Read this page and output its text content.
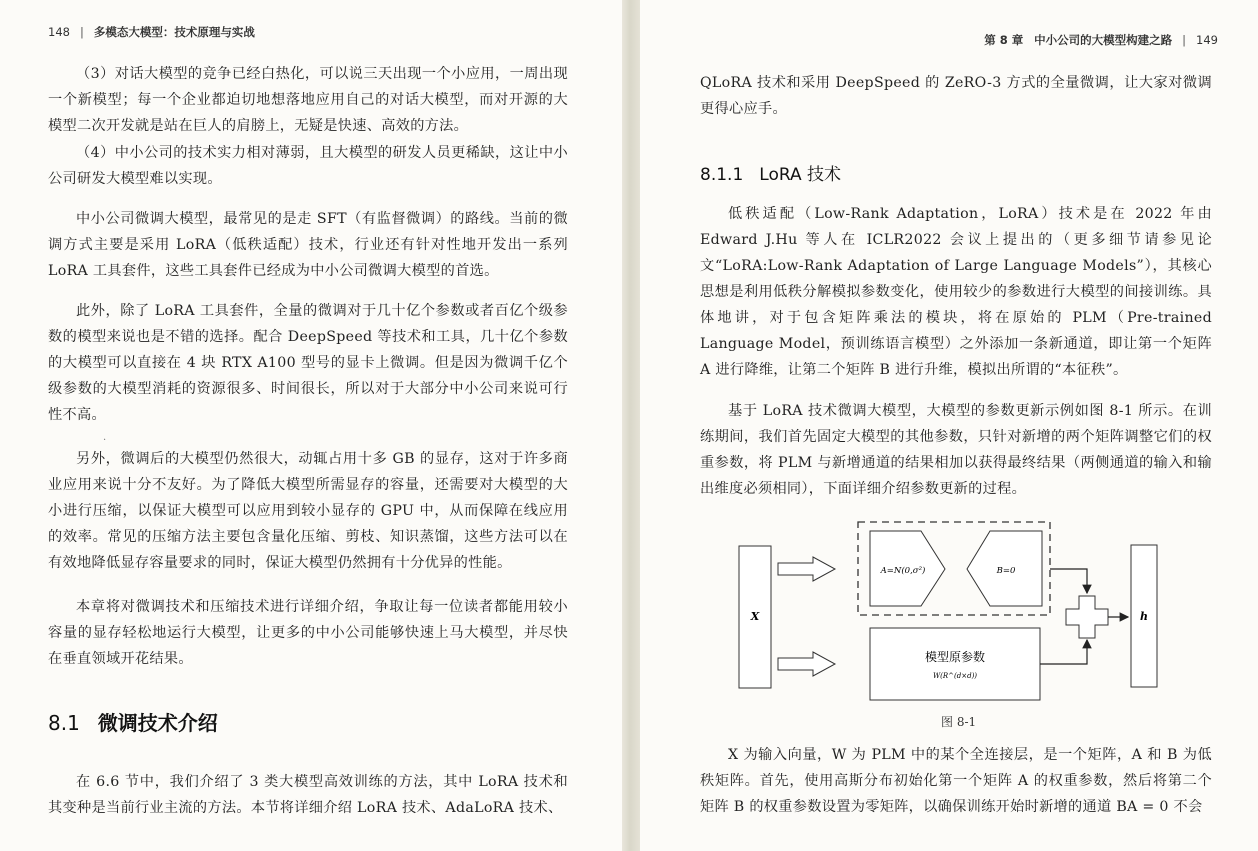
148 | 多模态大模型：技术原理与实战

（3）对话大模型的竞争已经白热化，可以说三天出现一个小应用，一周出现一个新模型；每一个企业都迫切地想落地应用自己的对话大模型，而对开源的大模型二次开发就是站在巨人的肩膀上，无疑是快速、高效的方法。

（4）中小公司的技术实力相对薄弱，且大模型的研发人员更稀缺，这让中小公司研发大模型难以实现。

中小公司微调大模型，最常见的是走 SFT（有监督微调）的路线。当前的微调方式主要是采用 LoRA（低秩适配）技术，行业还有针对性地开发出一系列 LoRA 工具套件，这些工具套件已经成为中小公司微调大模型的首选。

此外，除了 LoRA 工具套件，全量的微调对于几十亿个参数或者百亿个级参数的模型来说也是不错的选择。配合 DeepSpeed 等技术和工具，几十亿个参数的大模型可以直接在 4 块 RTX A100 型号的显卡上微调。但是因为微调千亿个级参数的大模型消耗的资源很多、时间很长，所以对于大部分中小公司来说可行性不高。

.

另外，微调后的大模型仍然很大，动辄占用十多 GB 的显存，这对于许多商业应用来说十分不友好。为了降低大模型所需显存的容量，还需要对大模型的大小进行压缩，以保证大模型可以应用到较小显存的 GPU 中，从而保障在线应用的效率。常见的压缩方法主要包含量化压缩、剪枝、知识蒸馏，这些方法可以在有效地降低显存容量要求的同时，保证大模型仍然拥有十分优异的性能。

本章将对微调技术和压缩技术进行详细介绍，争取让每一位读者都能用较小容量的显存轻松地运行大模型，让更多的中小公司能够快速上马大模型，并尽快在垂直领域开花结果。

8.1 微调技术介绍

在 6.6 节中，我们介绍了 3 类大模型高效训练的方法，其中 LoRA 技术和其变种是当前行业主流的方法。本节将详细介绍 LoRA 技术、AdaLoRA 技术、

第 8 章 中小公司的大模型构建之路 | 149

QLoRA 技术和采用 DeepSpeed 的 ZeRO-3 方式的全量微调，让大家对微调更得心应手。

8.1.1 LoRA 技术

低秩适配（Low-Rank Adaptation，LoRA）技术是在 2022 年由 Edward J.Hu 等人在 ICLR2022 会议上提出的（更多细节请参见论文“LoRA:Low-Rank Adaptation of Large Language Models”），其核心思想是利用低秩分解模拟参数变化，使用较少的参数进行大模型的间接训练。具体地讲，对于包含矩阵乘法的模块，将在原始的 PLM（Pre-trained Language Model，预训练语言模型）之外添加一条新通道，即让第一个矩阵 A 进行降维，让第二个矩阵 B 进行升维，模拟出所谓的“本征秩”。

基于 LoRA 技术微调大模型，大模型的参数更新示例如图 8-1 所示。在训练期间，我们首先固定大模型的其他参数，只针对新增的两个矩阵调整它们的权重参数，将 PLM 与新增通道的结果相加以获得最终结果（两侧通道的输入和输出维度必须相同），下面详细介绍参数更新的过程。

X
A=N(0,σ²)	B=0
模型原参数
W(R^(d×d))
h
图 8-1

X 为输入向量，W 为 PLM 中的某个全连接层，是一个矩阵，A 和 B 为低秩矩阵。首先，使用高斯分布初始化第一个矩阵 A 的权重参数，然后将第二个矩阵 B 的权重参数设置为零矩阵，以确保训练开始时新增的通道 BA = 0 不会
